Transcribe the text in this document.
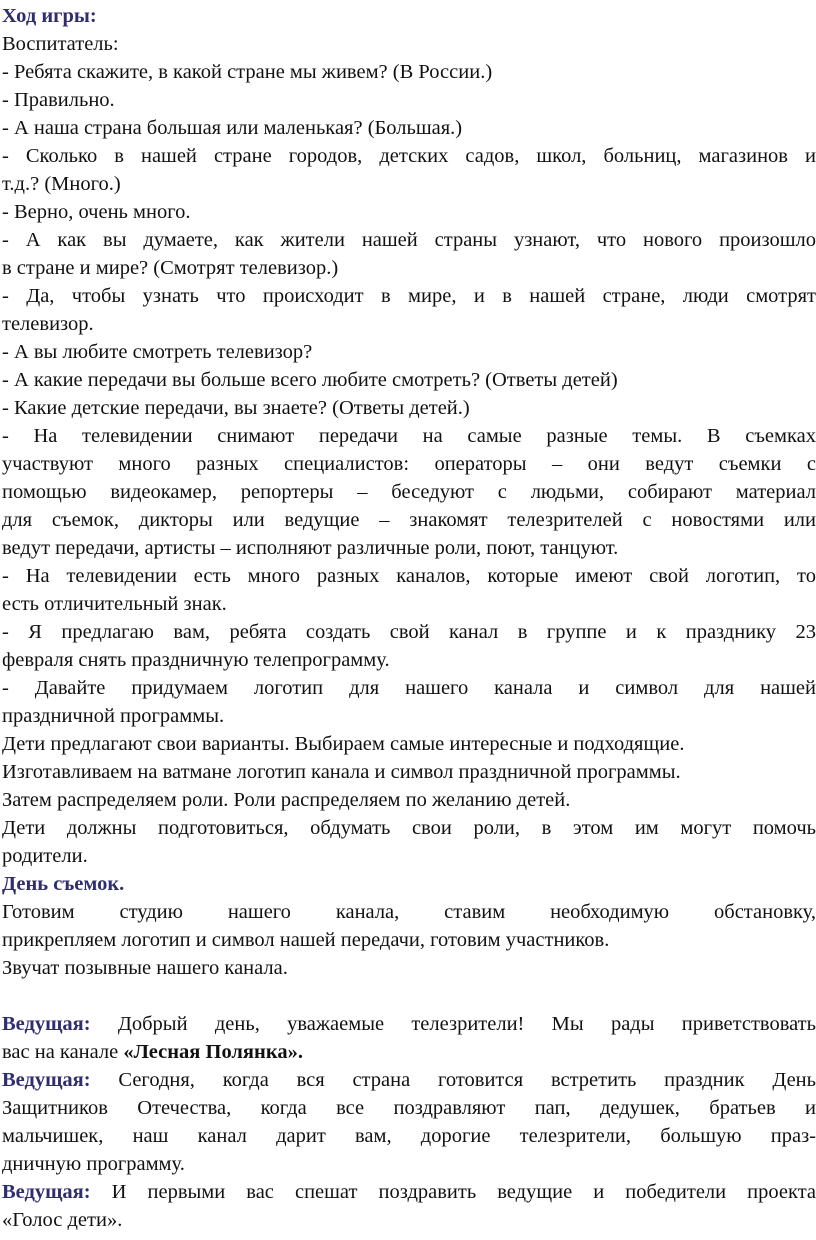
Ход игры:

Воспитатель:

- Ребята скажите, в какой стране мы живем? (В России.)

- Правильно.

- А наша страна большая или маленькая? (Большая.)

- Сколько в нашей стране городов, детских садов, школ, больниц, магазинов и

т.д.? (Много.)

- Верно, очень много.

- А как вы думаете, как жители нашей страны узнают, что нового произошло

в стране и мире? (Смотрят телевизор.)

- Да, чтобы узнать что происходит в мире, и в нашей стране, люди смотрят

телевизор.

- А вы любите смотреть телевизор?

- А какие передачи вы больше всего любите смотреть? (Ответы детей)

- Какие детские передачи, вы знаете? (Ответы детей.)

- На телевидении снимают передачи на самые разные темы. В съемках

участвуют много разных специалистов: операторы – они ведут съемки с

помощью видеокамер, репортеры – беседуют с людьми, собирают материал

для съемок, дикторы или ведущие – знакомят телезрителей с новостями или

ведут передачи, артисты – исполняют различные роли, поют, танцуют.

- На телевидении есть много разных каналов, которые имеют свой логотип, то

есть отличительный знак.

- Я предлагаю вам, ребята создать свой канал в группе и к празднику 23

февраля снять праздничную телепрограмму.

- Давайте придумаем логотип для нашего канала и символ для нашей

праздничной программы.

Дети предлагают свои варианты. Выбираем самые интересные и подходящие.

Изготавливаем на ватмане логотип канала и символ праздничной программы.

Затем распределяем роли. Роли распределяем по желанию детей.

Дети должны подготовиться, обдумать свои роли, в этом им могут помочь

родители.

День съемок.

Готовим студию нашего канала, ставим необходимую обстановку,

прикрепляем логотип и символ нашей передачи, готовим участников.

Звучат позывные нашего канала.

Ведущая: Добрый день, уважаемые телезрители! Мы рады приветствовать

вас на канале «Лесная Полянка».

Ведущая: Сегодня, когда вся страна готовится встретить праздник День

Защитников Отечества, когда все поздравляют пап, дедушек, братьев и

мальчишек, наш канал дарит вам, дорогие телезрители, большую праз-

дничную программу.

Ведущая: И первыми вас спешат поздравить ведущие и победители проекта

«Голос дети».
